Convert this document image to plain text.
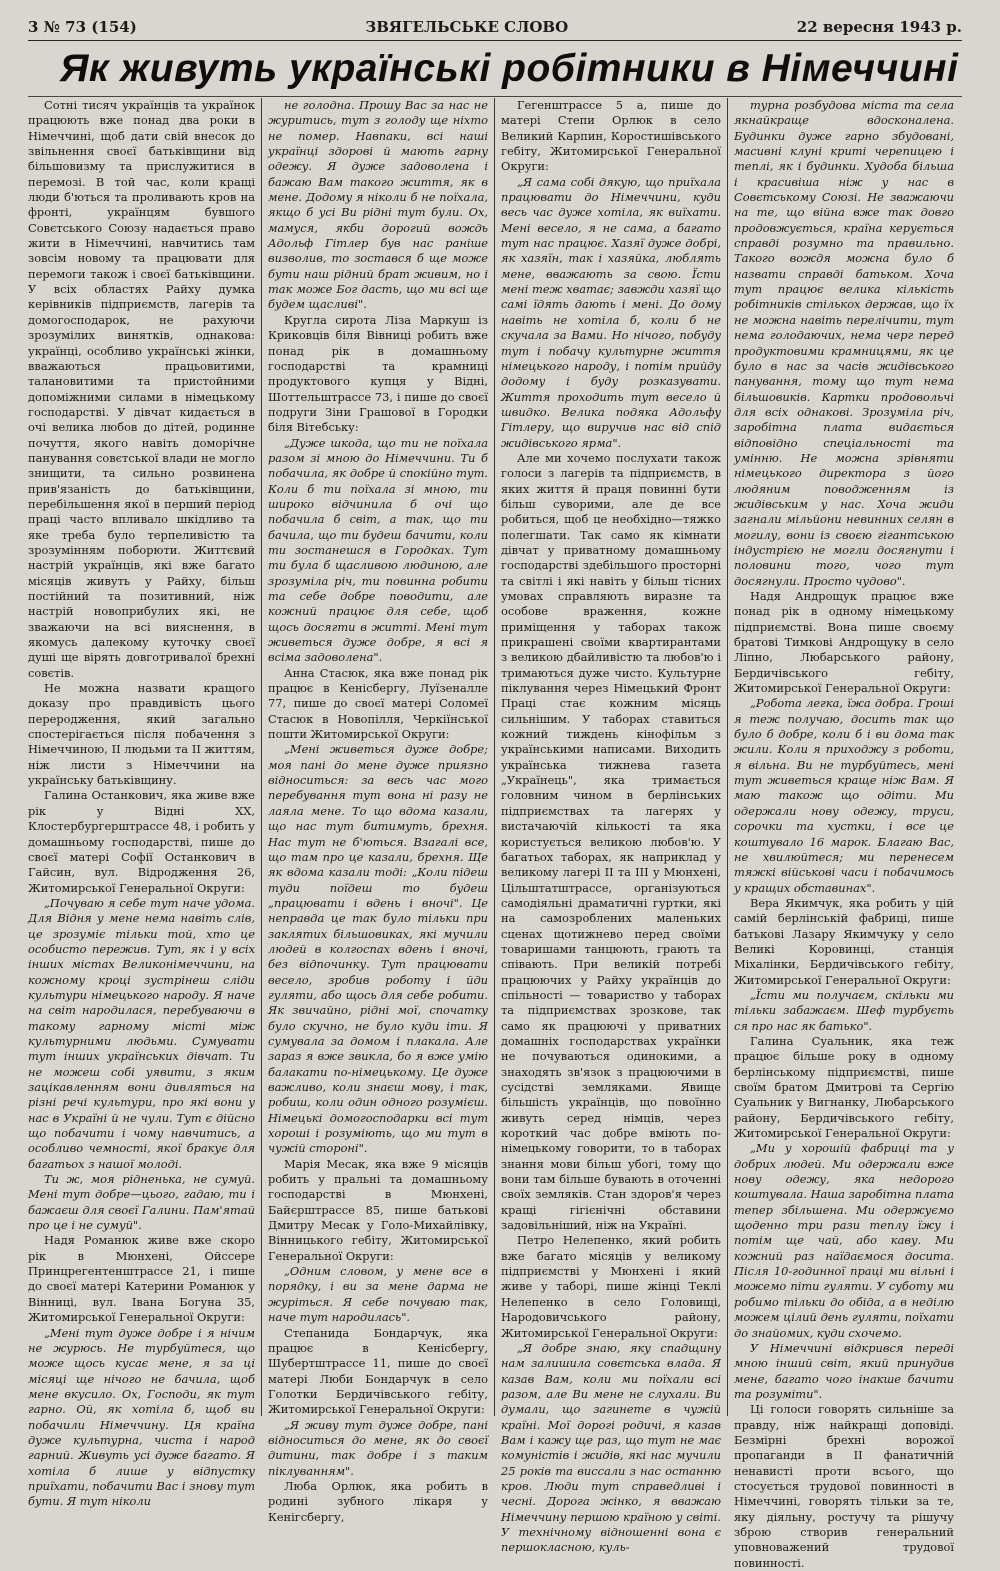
3 № 73 (154)	ЗВЯГЕЛЬСЬКЕ СЛОВО	22 вересня 1943 р.
Як живуть українські робітники в Німеччині

Сотні тисяч українців та українок працюють вже понад два роки в Німеччині, щоб дати свій внесок до звільнення своєї батьківщини від більшовизму та прислужитися в перемозі. В той час, коли кращі люди б'ються та проливають кров на фронті, українцям бувшого Совєтського Союзу надається право жити в Німеччині, навчитись там зовсім новому та працювати для перемоги також і своєї батьківщини. У всіх областях Райху думка керівників підприємств, лагерів та домогосподарок, не рахуючи зрозумілих винятків, однакова: українці, особливо українські жінки, вважаються працьовитими, талановитими та пристойними допоміжними силами в німецькому господарстві. У дівчат кидається в очі велика любов до дітей, родинне почуття, якого навіть доморічне панування совєтської влади не могло знищити, та сильно розвинена прив'язаність до батьківщини, перебільшення якої в перший період праці часто впливало шкідливо та яке треба було терпеливістю та зрозумінням поборюти. Життєвий настрій українців, які вже багато місяців живуть у Райху, більш постійний та позитивний, ніж настрій новоприбулих які, не зважаючи на всі вияснення, в якомусь далекому куточку своєї душі ще вірять довготривалої брехні совєтів.

Не можна назвати кращого доказу про правдивість цього переродження, який загально спостерігається після побачення з Німеччиною, II людьми та II життям, ніж листи з Німеччини на українську батьківщину.

Галина Останкович, яка живе вже рік у Відні XX, Клостербургерштрассе 48, і робить у домашньому господарстві, пише до своєї матері Софії Останкович в Гайсин, вул. Відродження 26, Житомирської Генеральної Округи:

„Почуваю я себе тут наче удома. Для Відня у мене нема навіть слів, це зрозуміє тільки той, хто це особисто пережив. Тут, як і у всіх інших містах Великонімеччини, на кожному кроці зустрінеш сліди культури німецького народу. Я наче на світ народилася, перебуваючи в такому гарному місті між культурними людьми. Сумувати тут інших українських дівчат. Ти не можеш собі уявити, з яким зацікавленням вони дивляться на різні речі культури, про які вони у нас в Україні й не чули. Тут є дійсно що побачити і чому навчитись, а особливо чемності, якої бракує для багатьох з нашої молоді.

Ти ж, моя рідненька, не сумуй. Мені тут добре—цього, гадаю, ти і бажаєш для своєї Галини. Пам'ятай про це і не сумуй".

Надя Романюк живе вже скоро рік в Мюнхені, Ойссере Принцрегентенштрассе 21, і пише до своєї матері Катерини Романюк у Вінниці, вул. Івана Богуна 35, Житомирської Генеральної Округи:

„Мені тут дуже добре і я нічим не журюсь. Не турбуйтеся, що може щось кусає мене, я за ці місяці ще нічого не бачила, щоб мене вкусило. Ох, Господи, як тут гарно. Ой, як хотіла б, щоб ви побачили Німеччину. Ця країна дуже культурна, чиста і народ гарний. Живуть усі дуже багато. Я хотіла б лише у відпустку приїхати, побачити Вас і знову тут бути. Я тут ніколи

не голодна. Прошу Вас за нас не журитись, тут з голоду ще ніхто не помер. Навпаки, всі наші українці здорові й мають гарну одежу. Я дуже задоволена і бажаю Вам такого життя, як в мене. Додому я ніколи б не поїхала, якщо б усі Ви рідні тут були. Ох, мамуся, якби дорогий вождь Адольф Гітлер був нас раніше визволив, то зостався б ще може бути наш рідний брат живим, но і так може Бог дасть, що ми всі ще будем щасливі".

Кругла сирота Ліза Маркуш із Криковців біля Вівниці робить вже понад рік в домашньому господарстві та крамниці продуктового купця у Відні, Шоттельштрассе 73, і пише до своєї подруги Зіни Грашової в Городки біля Вітебську:

„Дуже шкода, що ти не поїхала разом зі мною до Німеччини. Ти б побачила, як добре й спокійно тут. Коли б ти поїхала зі мною, ти широко відчинила б очі що побачила б світ, а так, що ти бачила, що ти будеш бачити, коли ти зостанешся в Городках. Тут ти була б щасливою людиною, але зрозуміла річ, ти повинна робити та себе добре поводити, але кожний працює для себе, щоб щось досягти в житті. Мені тут живеться дуже добре, я всі я всіма задоволена".

Анна Стасюк, яка вже понад рік працює в Кенісбергу, Луїзеналле 77, пише до своєї матері Соломеї Стасюк в Новопілля, Черкіїнської пошти Житомирської Округи:

„Мені живеться дуже добре; моя пані до мене дуже приязно відноситься: за весь час мого перебування тут вона ні разу не лаяла мене. То що вдома казали, що нас тут битимуть, брехня. Нас тут не б'ються. Взагалі все, що там про це казали, брехня. Ще як вдома казали тоді: „Коли підеш туди поїдеш то будеш „працювати і вдень і вночі". Це неправда це так було тільки при заклятих більшовиках, які мучили людей в колгоспах вдень і вночі, без відпочинку. Тут працювати весело, зробив роботу і йди гуляти, або щось для себе робити. Як звичайно, рідні мої, спочатку було скучно, не було куди іти. Я сумувала за домом і плакала. Але зараз я вже звикла, бо я вже умію балакати по-німецькому. Це дуже важливо, коли знаєш мову, і так, робиш, коли один одного розумієш. Німецькі домогосподарки всі тут хороші і розуміють, що ми тут в чужій стороні".

Марія Месак, яка вже 9 місяців робить у пральні та домашньому господарстві в Мюнхені, Байєрштрассе 85, пише батькові Дмитру Месак у Голо-Михайлівку, Вінницького гебіту, Житомирської Генеральної Округи:

„Одним словом, у мене все в порядку, і ви за мене дарма не журіться. Я себе почуваю так, наче тут народилась".

Степанида Бондарчук, яка працює в Кенісбергу, Шубертштрассе 11, пише до своєї матері Люби Бондарчук в село Голотки Бердичівського гебіту, Житомирської Генеральної Округи:

„Я живу тут дуже добре, пані відноситься до мене, як до своєї дитини, так добре і з таким піклуванням".

Люба Орлюк, яка робить в родині зубного лікаря у Кенігсбергу,

Гегенштрассе 5 а, пише до матері Степи Орлюк в село Великий Карпин, Коростишівського гебіту, Житомирської Генеральної Округи:

„Я сама собі дякую, що приїхала працювати до Німеччини, куди весь час дуже хотіла, як виїхати. Мені весело, я не сама, а багато тут нас працює. Хазяї дуже добрі, як хазяїн, так і хазяйка, люблять мене, вважають за свою. Їсти мені теж хватає; завжди хазяї що самі їдять дають і мені. До дому навіть не хотіла б, коли б не скучала за Вами. Но нічого, побуду тут і побачу культурне життя німецького народу, і потім прийду додому і буду розказувати. Життя проходить тут весело й швидко. Велика подяка Адольфу Гітлеру, що виручив нас від спід жидівського ярма".

Але ми хочемо послухати також голоси з лагерів та підприємств, в яких життя й праця повинні бути більш суворими, але де все робиться, щоб це необхідно—тяжко полегшати. Так само як кімнати дівчат у приватному домашньому господарстві здебільшого просторні та світлі і які навіть у більш тісних умовах справляють виразне та особове враження, кожне приміщення у таборах також прикрашені своїми квартирантами з великою дбайливістю та любов'ю і тримаються дуже чисто. Культурне піклування через Німецький Фронт Праці стає кожним місяць сильнішим. У таборах ставиться кожний тиждень кінофільм з українськими написами. Виходить українська тижнева газета „Українець", яка тримається головним чином в берлінських підприємствах та лагерях у вистачаючій кількості та яка користується великою любов'ю. У багатьох таборах, як наприклад у великому лагері II та III у Мюнхені, Цільштатштрассе, організуються самодіяльні драматичні гуртки, які на самозроблених маленьких сценах щотижнево перед своїми товаришами танцюють, грають та співають. При великій потребі працюючих у Райху українців до спільності — товариство у таборах та підприємствах зрозкове, так само як працюючі у приватних домашніх господарствах українки не почуваються одинокими, а знаходять зв'язок з працюючими в сусідстві земляками. Явище більшість українців, що повоїнно живуть серед німців, через короткий час добре вміють по-німецькому говорити, то в таборах знання мови більш убогі, тому що вони там більше бувають в оточенні своїх земляків. Стан здоров'я через кращі гігієнічні обставини задовільніший, ніж на Україні.

Петро Нелепенко, який робить вже багато місяців у великому підприємстві у Мюнхені і який живе у таборі, пише жінці Теклі Нелепенко в село Головищі, Народовичського району, Житомирської Генеральної Округи:

„Я добре знаю, яку спадщину нам залишила совєтська влада. Я казав Вам, коли ми поїхали всі разом, але Ви мене не слухали. Ви думали, що загинете в чужій країні. Мої дорогі родичі, я казав Вам і кажу ще раз, що тут не має комуністів і жидів, які нас мучили 25 років та виссали з нас останню кров. Люди тут справедливі і чесні. Дорога жінко, я вважаю Німеччину першою країною у світі. У технічному відношенні вона є першокласною, куль-

турна розбудова міста та села якнайкраще вдосконалена. Будинки дуже гарно збудовані, масивні клуні криті черепицею і теплі, як і будинки. Худоба більша і красивіша ніж у нас в Совєтському Союзі. Не зважаючи на те, що війна вже так довго продовжується, країна керується справді розумно та правильно. Такого вождя можна було б назвати справді батьком. Хоча тут працює велика кількість робітників стількох держав, що їх не можна навіть перелічити, тут нема голодаючих, нема черг перед продуктовими крамницями, як це було в нас за часів жидівського панування, тому що тут нема більшовиків. Картки продовольчі для всіх однакові. Зрозуміла річ, заробітна плата видається відповідно спеціальності та умінню. Не можна зрівняти німецького директора з його людяним поводженням із жидівським у нас. Хоча жиди загнали мільйони невинних селян в могилу, вони із своєю гігантською індустрією не могли досягнути і половини того, чого тут досягнули. Просто чудово".

Надя Андрощук працює вже понад рік в одному німецькому підприємстві. Вона пише своєму братові Тимкові Андрощуку в село Ліпно, Любарського району, Бердичівського гебіту, Житомирської Генеральної Округи:

„Робота легка, їжа добра. Гроші я теж получаю, досить так що було б добре, коли б і ви дома так жили. Коли я приходжу з роботи, я вільна. Ви не турбуйтесь, мені тут живеться краще ніж Вам. Я маю також що одіти. Ми одержали нову одежу, труси, сорочки та хустки, і все це коштувало 16 марок. Благаю Вас, не хвилюйтеся; ми перенесем тяжкі військові часи і побачимось у кращих обставинах".

Вера Якимчук, яка робить у цій самій берлінській фабриці, пише батькові Лазару Якимчуку у село Великі Коровинці, станція Міхалінки, Бердичівського гебіту, Житомирської Генеральної Округи:

„Їсти ми получаєм, скільки ми тільки забажаєм. Шеф турбуєть ся про нас як батько".

Галина Суальник, яка теж працює більше року в одному берлінському підприємстві, пише своїм братом Дмитрові та Сергію Суальник у Вигнанку, Любарського району, Бердичівського гебіту, Житомирської Генеральної Округи:

„Ми у хорошій фабриці та у добрих людей. Ми одержали вже нову одежу, яка недорого коштувала. Наша заробітна плата тепер збільшена. Ми одержуємо щоденно три рази теплу їжу і потім ще чай, або каву. Ми кожний раз наїдаємося досита. Після 10-годинної праці ми вільні і можемо піти гуляти. У суботу ми робимо тільки до обіда, а в неділю можем цілий день гуляти, поїхати до знайомих, куди схочемо.

У Німеччині відкрився переді мною інший світ, який принудив мене, багато чого інакше бачити та розуміти".

Ці голоси говорять сильніше за правду, ніж найкращі доповіді. Безмірні брехні ворожої пропаганди в II фанатичній ненависті проти всього, що стосується трудової повинності в Німеччині, говорять тільки за те, яку діяльну, ростучу та рішучу зброю створив генеральний уповноважений трудової повинності.
